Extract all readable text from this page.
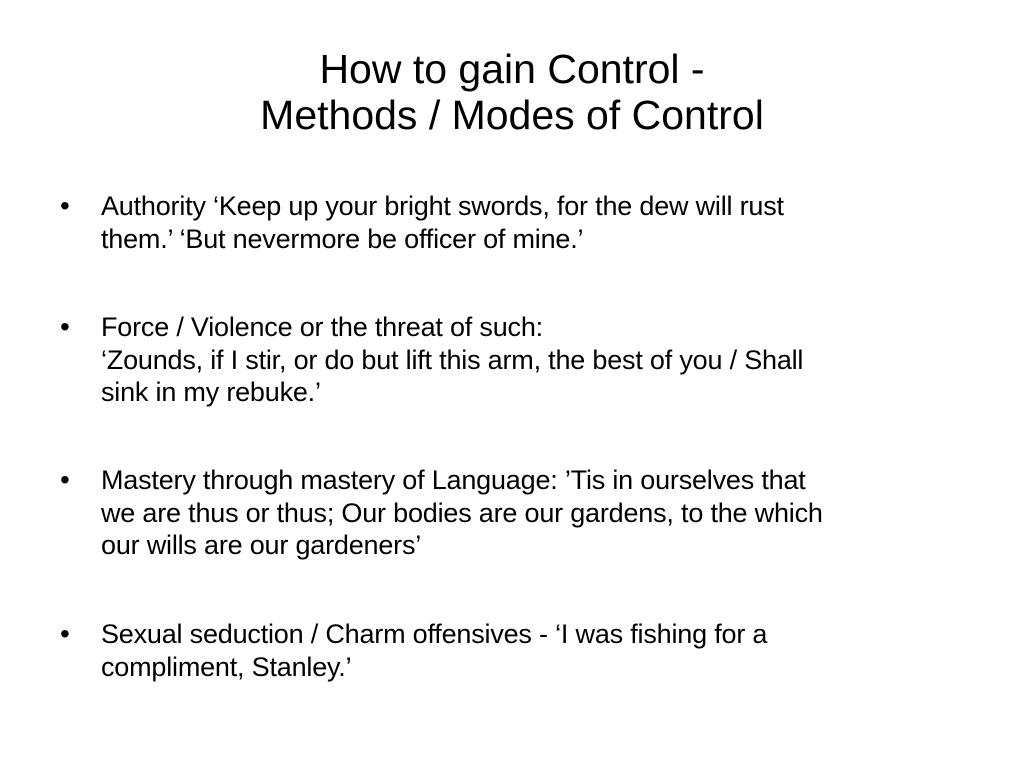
How to gain Control -
Methods / Modes of Control
• Authority ‘Keep up your bright swords, for the dew will rust
them.’ ‘But nevermore be officer of mine.’
• Force / Violence or the threat of such:
‘Zounds, if I stir, or do but lift this arm, the best of you / Shall
sink in my rebuke.’
• Mastery through mastery of Language: ’Tis in ourselves that
we are thus or thus; Our bodies are our gardens, to the which
our wills are our gardeners’
• Sexual seduction / Charm offensives - ‘I was fishing for a
compliment, Stanley.’
